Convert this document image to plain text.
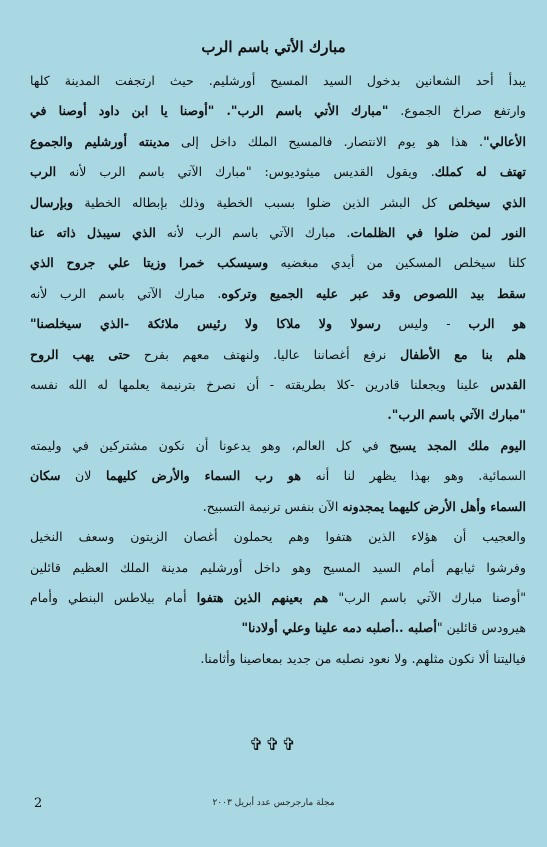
مبارك الأتي باسم الرب
يبدأ أحد الشعانين بدخول السيد المسيح أورشليم. حيث ارتجفت المدينة كلها
وارتفع صراخ الجموع. "مبارك الأتي باسم الرب". "أوصنا يا ابن داود أوصنا في
الأعالي". هذا هو يوم الانتصار. فالمسيح الملك داخل إلى مدينته أورشليم والجموع
تهتف له كملك. ويقول القديس ميثوديوس: "مبارك الآتي باسم الرب لأنه الرب
الذي سيخلص كل البشر الذين ضلوا بسبب الخطية وذلك بإبطاله الخطية وبإرسال
النور لمن ضلوا في الظلمات. مبارك الآتي باسم الرب لأنه الذي سيبذل ذاته عنا
كلنا سيخلص المسكين من أيدي مبغضيه وسيسكب خمرا وزيتا علي جروح الذي
سقط بيد اللصوص وقد عبر عليه الجميع وتركوه. مبارك الآتي باسم الرب لأنه
هو الرب - وليس رسولا ولا ملاكا ولا رئيس ملائكة -الذي سيخلصنا"
هلم بنا مع الأطفال نرفع أغصاننا عاليا. ولنهتف معهم بفرح حتى يهب الروح
القدس علينا ويجعلنا قادرين -كلا بطريقته - أن نصرخ بترنيمة يعلمها له الله نفسه
"مبارك الآتي باسم الرب".
اليوم ملك المجد يسبح في كل العالم، وهو يدعونا أن نكون مشتركين في وليمته
السمائية. وهو بهذا يظهر لنا أنه هو رب السماء والأرض كليهما لان سكان
السماء وأهل الأرض كليهما يمجدونه الآن بنفس ترنيمة التسبيح.
والعجيب أن هؤلاء الذين هتفوا وهم يحملون أغصان الزيتون وسعف النخيل
وفرشوا ثيابهم أمام السيد المسيح وهو داخل أورشليم مدينة الملك العظيم قائلين
"أوصنا مبارك الآتي باسم الرب" هم بعينهم الذين هتفوا أمام بيلاطس البنطي وأمام
هيرودس قائلين "أصلبه ..أصلبه دمه علينا وعلي أولادنا"
فياليتنا ألا نكون مثلهم. ولا نعود نصلبه من جديد بمعاصينا وأثامنا.
✞✞✞
2	مجلة مارجرجس عدد أبريل ٢٠٠٣
